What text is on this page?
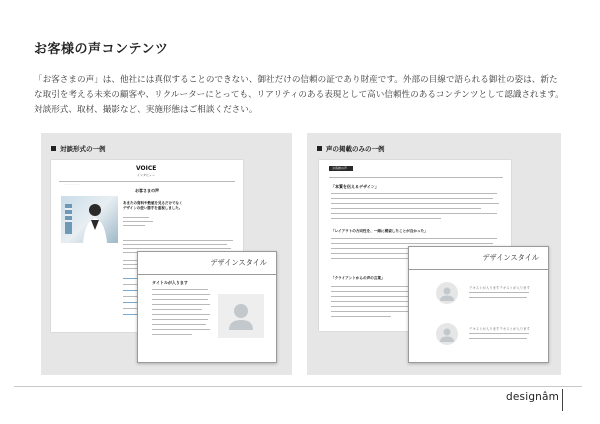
お客様の声コンテンツ
「お客さまの声」は、他社には真似することのできない、御社だけの信頼の証であり財産です。外部の目線で語られる御社の姿は、新た
な取引を考える未来の顧客や、リクルーターにとっても、リアリティのある表現として高い信頼性のあるコンテンツとして認識されます。
対談形式、取材、撮影など、実施形態はご相談ください。
対談形式の一例
VOICE
インタビュー
·····················
お客さまの声
あまたの資料や数値を見るだけでなく
デザインの使い勝手を重視しました。
デザインスタイル
タイトルが入ります
声の掲載のみの一例
お客様の声
「本質を伝えるデザイン」
「レイアウトの方向性を、一緒に模索したことが良かった」
「クライアントからの声の言葉」
デザインスタイル
テキストが入りますテキストが入ります
テキストが入りますテキストが入ります
designâm
